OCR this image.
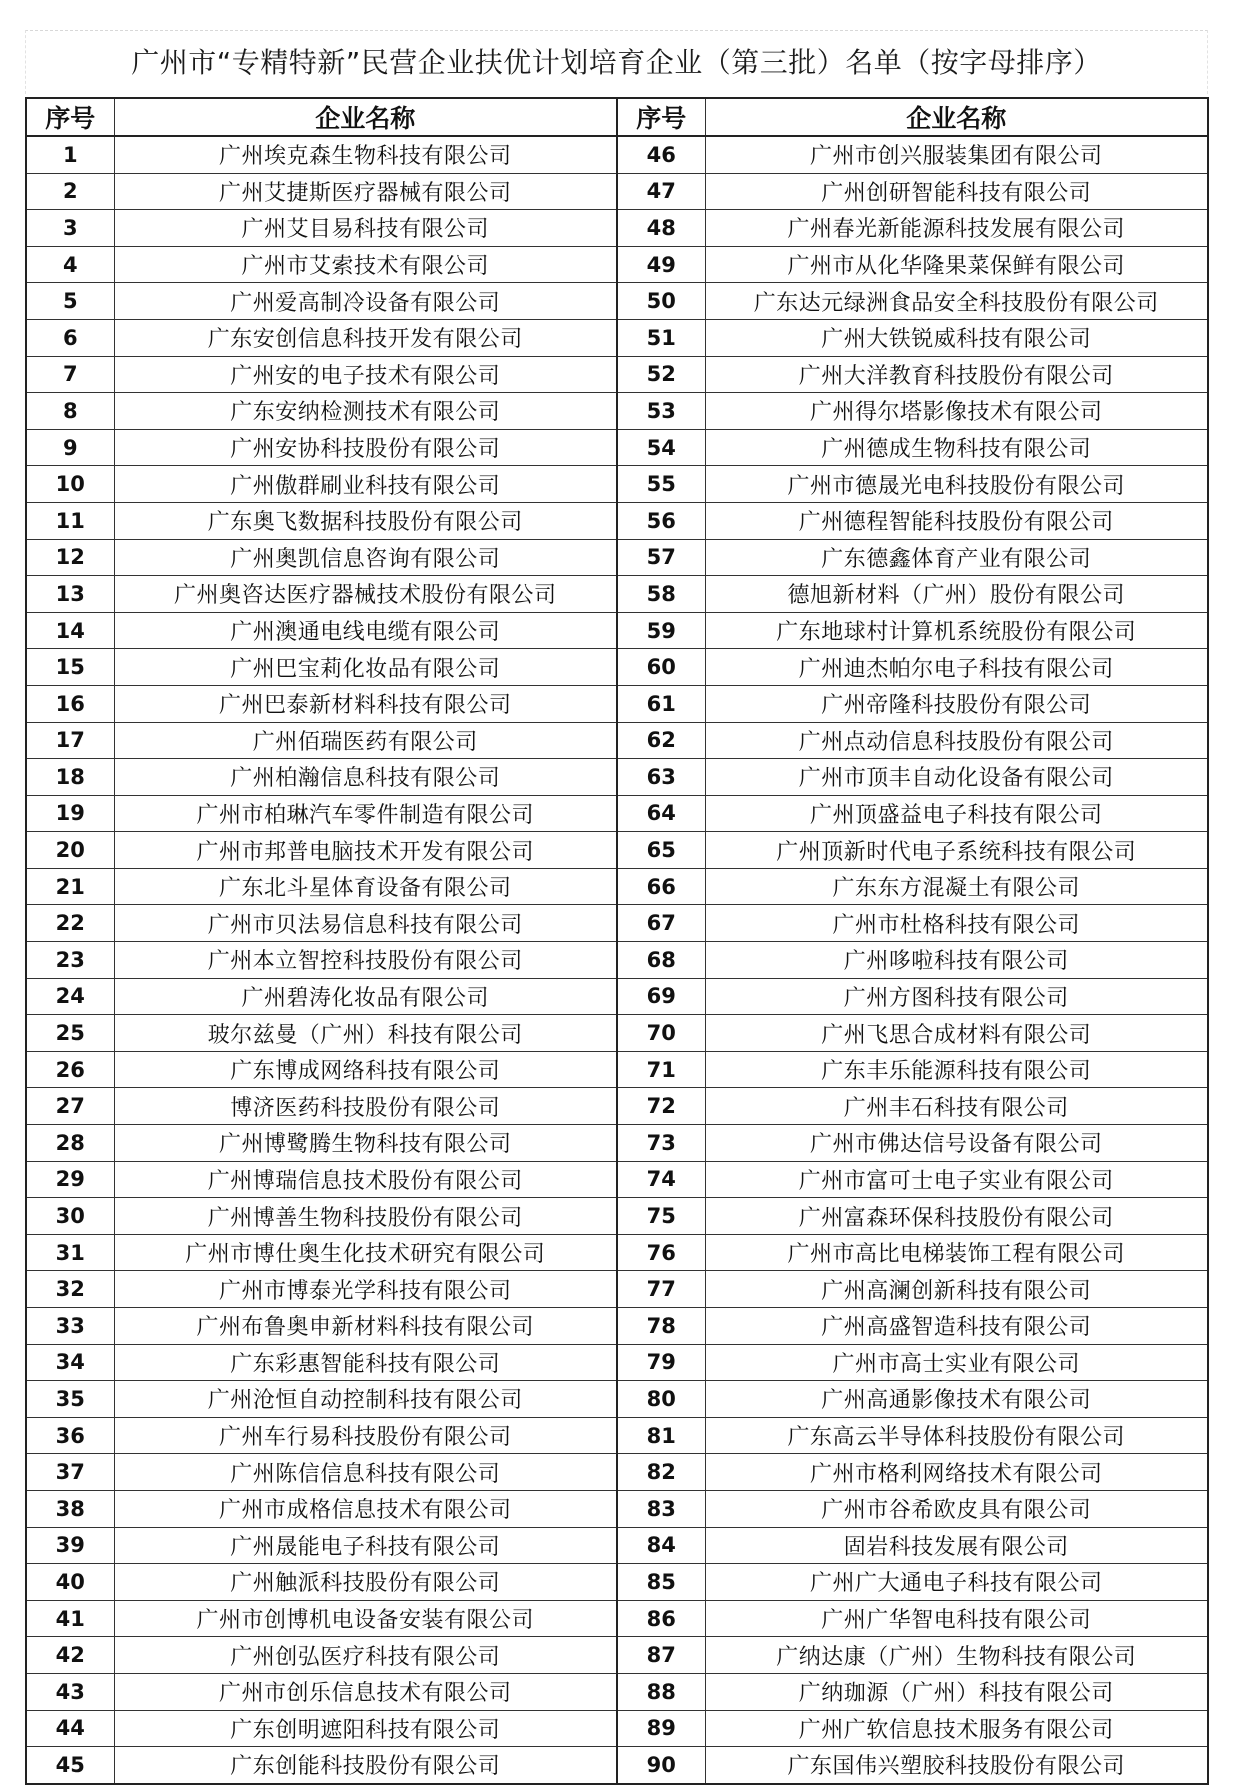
广州市“专精特新”民营企业扶优计划培育企业（第三批）名单（按字母排序）
序号	企业名称	序号	企业名称
1	广州埃克森生物科技有限公司	46	广州市创兴服装集团有限公司
2	广州艾捷斯医疗器械有限公司	47	广州创研智能科技有限公司
3	广州艾目易科技有限公司	48	广州春光新能源科技发展有限公司
4	广州市艾索技术有限公司	49	广州市从化华隆果菜保鲜有限公司
5	广州爱高制冷设备有限公司	50	广东达元绿洲食品安全科技股份有限公司
6	广东安创信息科技开发有限公司	51	广州大铁锐威科技有限公司
7	广州安的电子技术有限公司	52	广州大洋教育科技股份有限公司
8	广东安纳检测技术有限公司	53	广州得尔塔影像技术有限公司
9	广州安协科技股份有限公司	54	广州德成生物科技有限公司
10	广州傲群刷业科技有限公司	55	广州市德晟光电科技股份有限公司
11	广东奥飞数据科技股份有限公司	56	广州德程智能科技股份有限公司
12	广州奥凯信息咨询有限公司	57	广东德鑫体育产业有限公司
13	广州奥咨达医疗器械技术股份有限公司	58	德旭新材料（广州）股份有限公司
14	广州澳通电线电缆有限公司	59	广东地球村计算机系统股份有限公司
15	广州巴宝莉化妆品有限公司	60	广州迪杰帕尔电子科技有限公司
16	广州巴泰新材料科技有限公司	61	广州帝隆科技股份有限公司
17	广州佰瑞医药有限公司	62	广州点动信息科技股份有限公司
18	广州柏瀚信息科技有限公司	63	广州市顶丰自动化设备有限公司
19	广州市柏琳汽车零件制造有限公司	64	广州顶盛益电子科技有限公司
20	广州市邦普电脑技术开发有限公司	65	广州顶新时代电子系统科技有限公司
21	广东北斗星体育设备有限公司	66	广东东方混凝土有限公司
22	广州市贝法易信息科技有限公司	67	广州市杜格科技有限公司
23	广州本立智控科技股份有限公司	68	广州哆啦科技有限公司
24	广州碧涛化妆品有限公司	69	广州方图科技有限公司
25	玻尔兹曼（广州）科技有限公司	70	广州飞思合成材料有限公司
26	广东博成网络科技有限公司	71	广东丰乐能源科技有限公司
27	博济医药科技股份有限公司	72	广州丰石科技有限公司
28	广州博鹭腾生物科技有限公司	73	广州市佛达信号设备有限公司
29	广州博瑞信息技术股份有限公司	74	广州市富可士电子实业有限公司
30	广州博善生物科技股份有限公司	75	广州富森环保科技股份有限公司
31	广州市博仕奥生化技术研究有限公司	76	广州市高比电梯装饰工程有限公司
32	广州市博泰光学科技有限公司	77	广州高澜创新科技有限公司
33	广州布鲁奥申新材料科技有限公司	78	广州高盛智造科技有限公司
34	广东彩惠智能科技有限公司	79	广州市高士实业有限公司
35	广州沧恒自动控制科技有限公司	80	广州高通影像技术有限公司
36	广州车行易科技股份有限公司	81	广东高云半导体科技股份有限公司
37	广州陈信信息科技有限公司	82	广州市格利网络技术有限公司
38	广州市成格信息技术有限公司	83	广州市谷希欧皮具有限公司
39	广州晟能电子科技有限公司	84	固岩科技发展有限公司
40	广州触派科技股份有限公司	85	广州广大通电子科技有限公司
41	广州市创博机电设备安装有限公司	86	广州广华智电科技有限公司
42	广州创弘医疗科技有限公司	87	广纳达康（广州）生物科技有限公司
43	广州市创乐信息技术有限公司	88	广纳珈源（广州）科技有限公司
44	广东创明遮阳科技有限公司	89	广州广软信息技术服务有限公司
45	广东创能科技股份有限公司	90	广东国伟兴塑胶科技股份有限公司
